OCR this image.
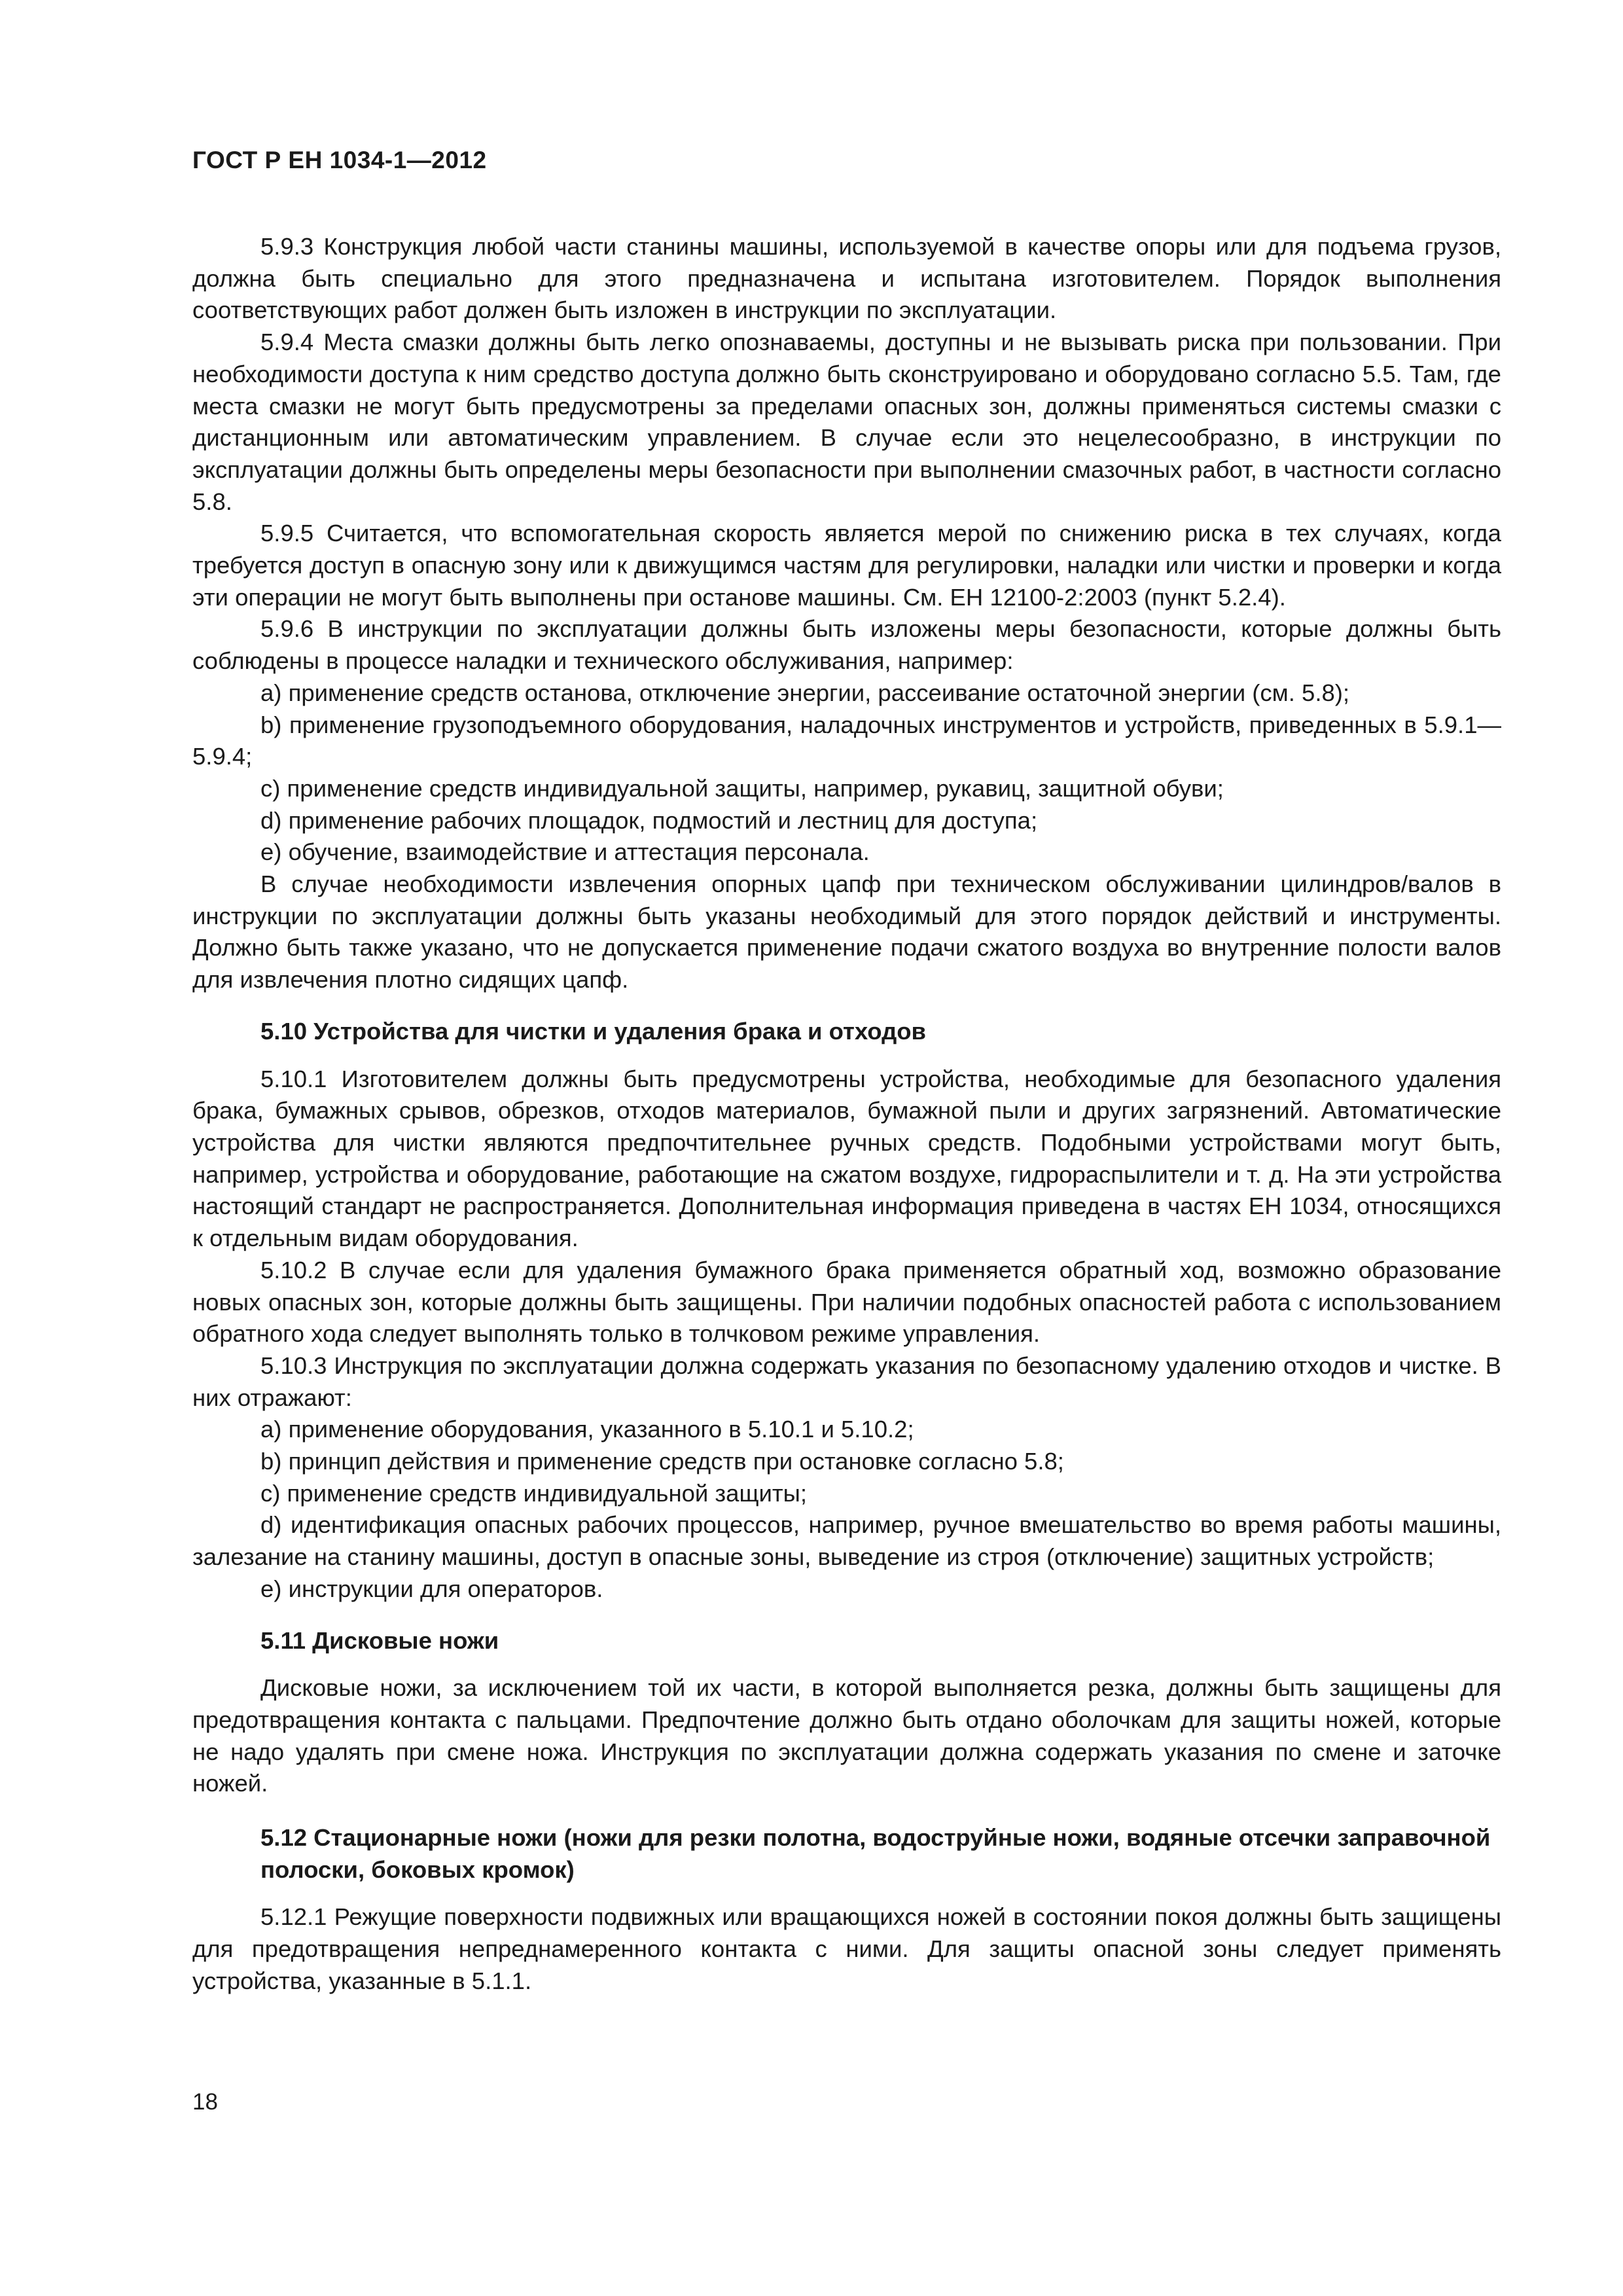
ГОСТ Р ЕН 1034-1—2012

5.9.3 Конструкция любой части станины машины, используемой в качестве опоры или для подъема грузов, должна быть специально для этого предназначена и испытана изготовителем. Порядок выполнения соответствующих работ должен быть изложен в инструкции по эксплуатации.

5.9.4 Места смазки должны быть легко опознаваемы, доступны и не вызывать риска при пользовании. При необходимости доступа к ним средство доступа должно быть сконструировано и оборудовано согласно 5.5. Там, где места смазки не могут быть предусмотрены за пределами опасных зон, должны применяться системы смазки с дистанционным или автоматическим управлением. В случае если это нецелесообразно, в инструкции по эксплуатации должны быть определены меры безопасности при выполнении смазочных работ, в частности согласно 5.8.

5.9.5 Считается, что вспомогательная скорость является мерой по снижению риска в тех случаях, когда требуется доступ в опасную зону или к движущимся частям для регулировки, наладки или чистки и проверки и когда эти операции не могут быть выполнены при останове машины. См. ЕН 12100-2:2003 (пункт 5.2.4).

5.9.6 В инструкции по эксплуатации должны быть изложены меры безопасности, которые должны быть соблюдены в процессе наладки и технического обслуживания, например:

a) применение средств останова, отключение энергии, рассеивание остаточной энергии (см. 5.8);

b) применение грузоподъемного оборудования, наладочных инструментов и устройств, приведенных в 5.9.1—5.9.4;

c) применение средств индивидуальной защиты, например, рукавиц, защитной обуви;

d) применение рабочих площадок, подмостий и лестниц для доступа;

e) обучение, взаимодействие и аттестация персонала.

В случае необходимости извлечения опорных цапф при техническом обслуживании цилиндров/валов в инструкции по эксплуатации должны быть указаны необходимый для этого порядок действий и инструменты. Должно быть также указано, что не допускается применение подачи сжатого воздуха во внутренние полости валов для извлечения плотно сидящих цапф.

5.10 Устройства для чистки и удаления брака и отходов

5.10.1 Изготовителем должны быть предусмотрены устройства, необходимые для безопасного удаления брака, бумажных срывов, обрезков, отходов материалов, бумажной пыли и других загрязнений. Автоматические устройства для чистки являются предпочтительнее ручных средств. Подобными устройствами могут быть, например, устройства и оборудование, работающие на сжатом воздухе, гидрораспылители и т. д. На эти устройства настоящий стандарт не распространяется. Дополнительная информация приведена в частях ЕН 1034, относящихся к отдельным видам оборудования.

5.10.2 В случае если для удаления бумажного брака применяется обратный ход, возможно образование новых опасных зон, которые должны быть защищены. При наличии подобных опасностей работа с использованием обратного хода следует выполнять только в толчковом режиме управления.

5.10.3 Инструкция по эксплуатации должна содержать указания по безопасному удалению отходов и чистке. В них отражают:

a) применение оборудования, указанного в 5.10.1 и 5.10.2;

b) принцип действия и применение средств при остановке согласно 5.8;

c) применение средств индивидуальной защиты;

d) идентификация опасных рабочих процессов, например, ручное вмешательство во время работы машины, залезание на станину машины, доступ в опасные зоны, выведение из строя (отключение) защитных устройств;

e) инструкции для операторов.

5.11 Дисковые ножи

Дисковые ножи, за исключением той их части, в которой выполняется резка, должны быть защищены для предотвращения контакта с пальцами. Предпочтение должно быть отдано оболочкам для защиты ножей, которые не надо удалять при смене ножа. Инструкция по эксплуатации должна содержать указания по смене и заточке ножей.

5.12 Стационарные ножи (ножи для резки полотна, водоструйные ножи, водяные отсечки заправочной полоски, боковых кромок)

5.12.1 Режущие поверхности подвижных или вращающихся ножей в состоянии покоя должны быть защищены для предотвращения непреднамеренного контакта с ними. Для защиты опасной зоны следует применять устройства, указанные в 5.1.1.

18
